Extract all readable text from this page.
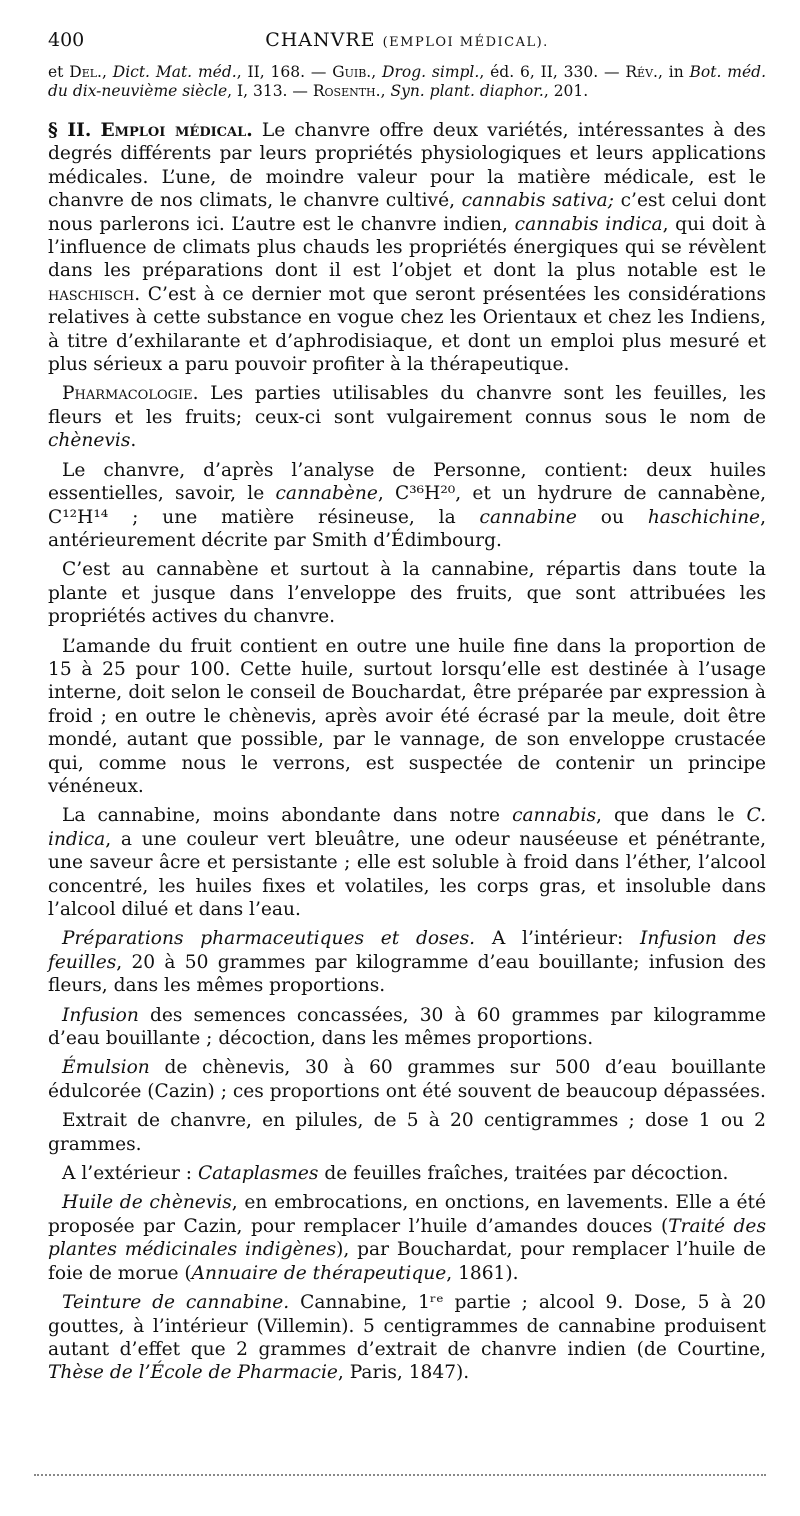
400	CHANVRE (EMPLOI MÉDICAL).
et Del., Dict. Mat. méd., II, 168. — Guib., Drog. simpl., éd. 6, II, 330. — Rév., in Bot. méd. du dix-neuvième siècle, I, 313. — Rosenth., Syn. plant. diaphor., 201.

§ II. Emploi médical. Le chanvre offre deux variétés, intéressantes à des degrés différents par leurs propriétés physiologiques et leurs applications médicales. L’une, de moindre valeur pour la matière médicale, est le chanvre de nos climats, le chanvre cultivé, cannabis sativa; c’est celui dont nous parlerons ici. L’autre est le chanvre indien, cannabis indica, qui doit à l’influence de climats plus chauds les propriétés énergiques qui se révèlent dans les préparations dont il est l’objet et dont la plus notable est le haschisch. C’est à ce dernier mot que seront présentées les considérations relatives à cette substance en vogue chez les Orientaux et chez les Indiens, à titre d’exhilarante et d’aphrodisiaque, et dont un emploi plus mesuré et plus sérieux a paru pouvoir profiter à la thérapeutique.

Pharmacologie. Les parties utilisables du chanvre sont les feuilles, les fleurs et les fruits; ceux-ci sont vulgairement connus sous le nom de chènevis.

Le chanvre, d’après l’analyse de Personne, contient: deux huiles essentielles, savoir, le cannabène, C³⁶H²⁰, et un hydrure de cannabène, C¹²H¹⁴ ; une matière résineuse, la cannabine ou haschichine, antérieurement décrite par Smith d’Édimbourg.

C’est au cannabène et surtout à la cannabine, répartis dans toute la plante et jusque dans l’enveloppe des fruits, que sont attribuées les propriétés actives du chanvre.

L’amande du fruit contient en outre une huile fine dans la proportion de 15 à 25 pour 100. Cette huile, surtout lorsqu’elle est destinée à l’usage interne, doit selon le conseil de Bouchardat, être préparée par expression à froid ; en outre le chènevis, après avoir été écrasé par la meule, doit être mondé, autant que possible, par le vannage, de son enveloppe crustacée qui, comme nous le verrons, est suspectée de contenir un principe vénéneux.

La cannabine, moins abondante dans notre cannabis, que dans le C. indica, a une couleur vert bleuâtre, une odeur nauséeuse et pénétrante, une saveur âcre et persistante ; elle est soluble à froid dans l’éther, l’alcool concentré, les huiles fixes et volatiles, les corps gras, et insoluble dans l’alcool dilué et dans l’eau.

Préparations pharmaceutiques et doses. A l’intérieur: Infusion des feuilles, 20 à 50 grammes par kilogramme d’eau bouillante; infusion des fleurs, dans les mêmes proportions.

Infusion des semences concassées, 30 à 60 grammes par kilogramme d’eau bouillante ; décoction, dans les mêmes proportions.

Émulsion de chènevis, 30 à 60 grammes sur 500 d’eau bouillante édulcorée (Cazin) ; ces proportions ont été souvent de beaucoup dépassées.

Extrait de chanvre, en pilules, de 5 à 20 centigrammes ; dose 1 ou 2 grammes.

A l’extérieur : Cataplasmes de feuilles fraîches, traitées par décoction.

Huile de chènevis, en embrocations, en onctions, en lavements. Elle a été proposée par Cazin, pour remplacer l’huile d’amandes douces (Traité des plantes médicinales indigènes), par Bouchardat, pour remplacer l’huile de foie de morue (Annuaire de thérapeutique, 1861).

Teinture de cannabine. Cannabine, 1ʳᵉ partie ; alcool 9. Dose, 5 à 20 gouttes, à l’intérieur (Villemin). 5 centigrammes de cannabine produisent autant d’effet que 2 grammes d’extrait de chanvre indien (de Courtine, Thèse de l’École de Pharmacie, Paris, 1847).
